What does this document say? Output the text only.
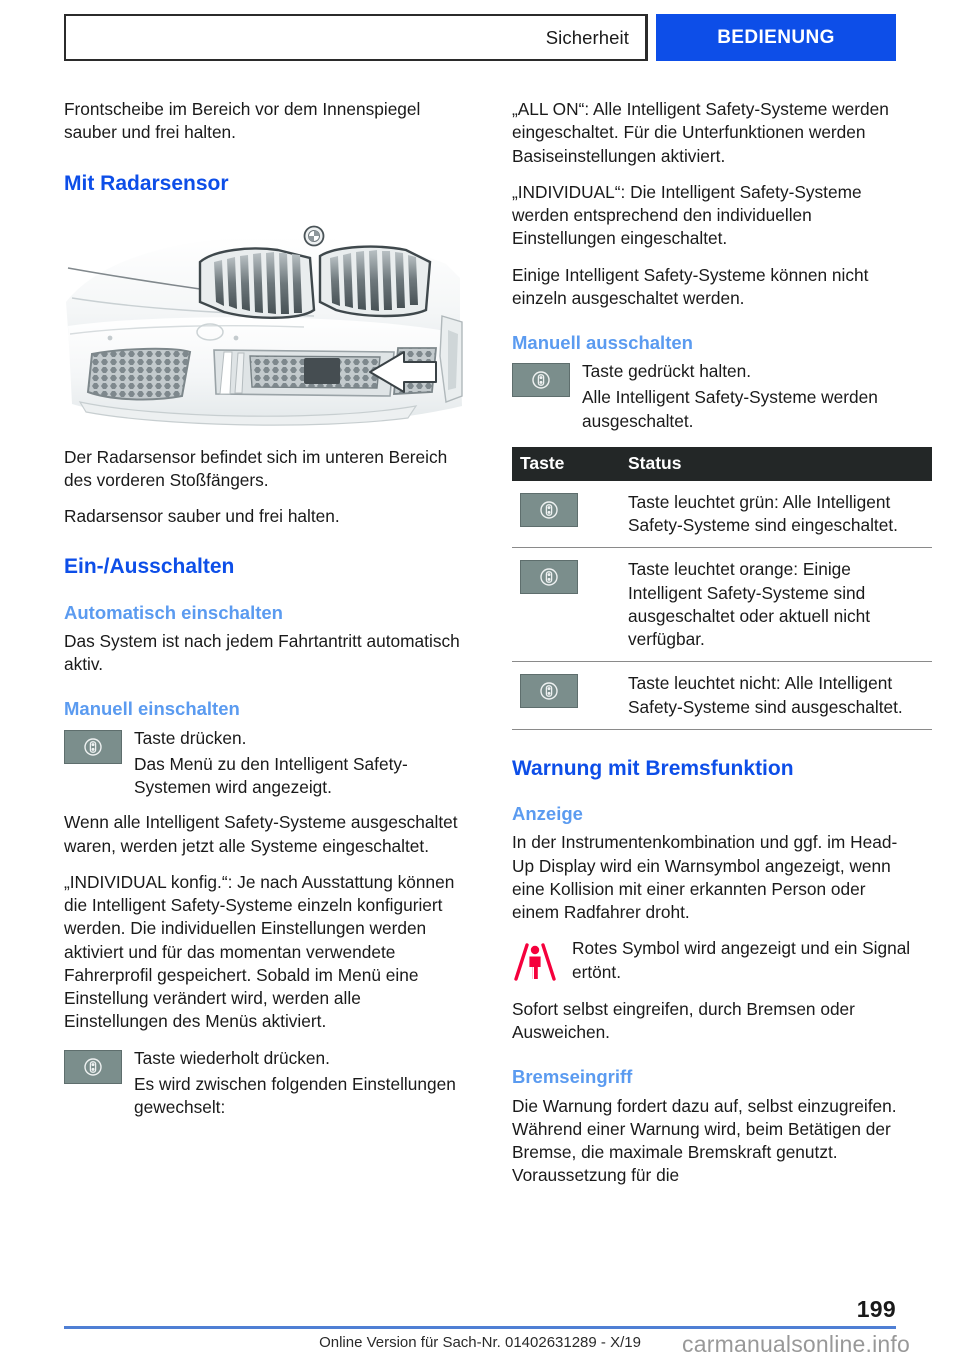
Sicherheit	BEDIENUNG

Frontscheibe im Bereich vor dem Innenspiegel sauber und frei halten.

Mit Radarsensor

Der Radarsensor befindet sich im unteren Bereich des vorderen Stoßfängers.

Radarsensor sauber und frei halten.

Ein-/Ausschalten
Automatisch einschalten

Das System ist nach jedem Fahrtantritt automatisch aktiv.

Manuell einschalten

Taste drücken.

Das Menü zu den Intelligent Safety-Systemen wird angezeigt.

Wenn alle Intelligent Safety-Systeme ausgeschaltet waren, werden jetzt alle Systeme eingeschaltet.

„INDIVIDUAL konfig.“: Je nach Ausstattung können die Intelligent Safety-Systeme einzeln konfiguriert werden. Die individuellen Einstellungen werden aktiviert und für das momentan verwendete Fahrerprofil gespeichert. Sobald im Menü eine Einstellung verändert wird, werden alle Einstellungen des Menüs aktiviert.

Taste wiederholt drücken.

Es wird zwischen folgenden Einstellungen gewechselt:

„ALL ON“: Alle Intelligent Safety-Systeme werden eingeschaltet. Für die Unterfunktionen werden Basiseinstellungen aktiviert.

„INDIVIDUAL“: Die Intelligent Safety-Systeme werden entsprechend den individuellen Einstellungen eingeschaltet.

Einige Intelligent Safety-Systeme können nicht einzeln ausgeschaltet werden.

Manuell ausschalten

Taste gedrückt halten.

Alle Intelligent Safety-Systeme werden ausgeschaltet.

Taste	Status

	Taste leuchtet grün: Alle Intelligent Safety-Systeme sind eingeschaltet.

	Taste leuchtet orange: Einige Intelligent Safety-Systeme sind ausgeschaltet oder aktuell nicht verfügbar.

	Taste leuchtet nicht: Alle Intelligent Safety-Systeme sind ausgeschaltet.
Warnung mit Bremsfunktion
Anzeige

In der Instrumentenkombination und ggf. im Head-Up Display wird ein Warnsymbol angezeigt, wenn eine Kollision mit einer erkannten Person oder einem Radfahrer droht.

Rotes Symbol wird angezeigt und ein Signal ertönt.

Sofort selbst eingreifen, durch Bremsen oder Ausweichen.

Bremseingriff

Die Warnung fordert dazu auf, selbst einzugreifen. Während einer Warnung wird, beim Betätigen der Bremse, die maximale Bremskraft genutzt. Voraussetzung für die

199
Online Version für Sach-Nr. 01402631289 - X/19	carmanualsonline.info
